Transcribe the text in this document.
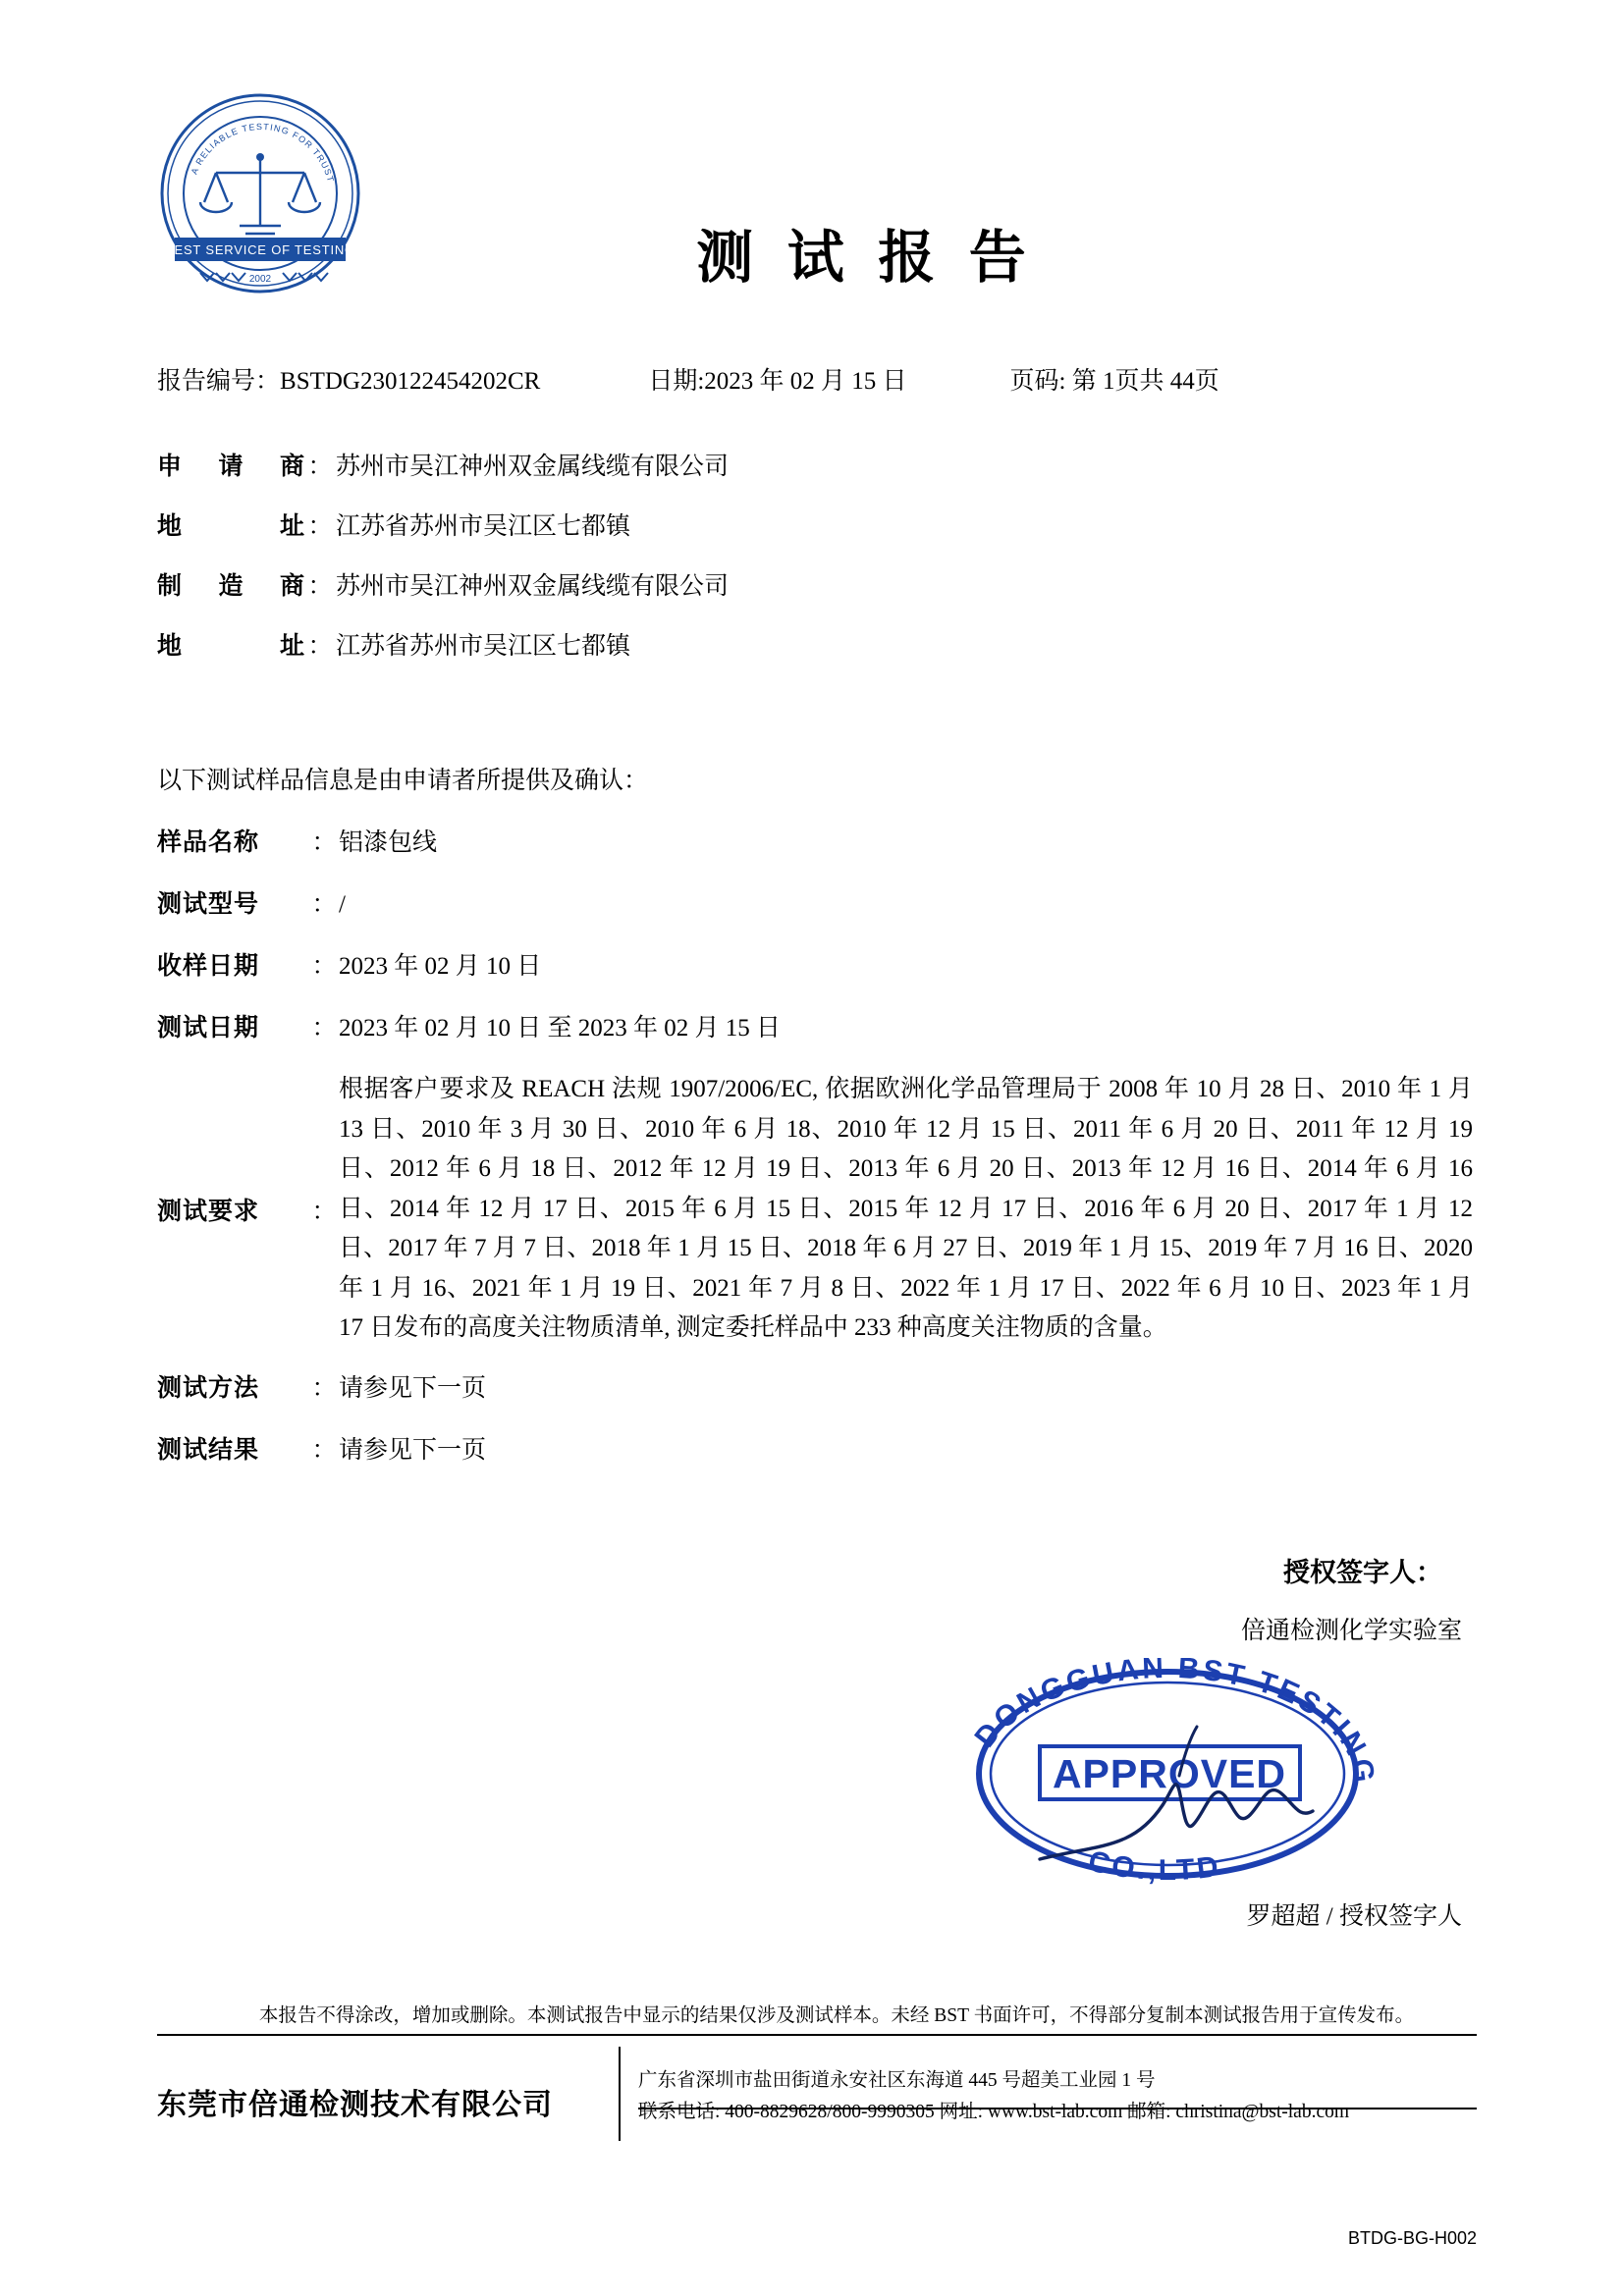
A RELIABLE TESTING FOR TRUST
BEST SERVICE OF TESTING
2002	测 试 报 告
报告编号：BSTDG230122454202CR	日期:2023 年 02 月 15 日	页码: 第 1页共 44页
申 请 商 ： 苏州市吴江神州双金属线缆有限公司
地	址 ： 江苏省苏州市吴江区七都镇
制 造 商 ： 苏州市吴江神州双金属线缆有限公司
地	址 ： 江苏省苏州市吴江区七都镇
以下测试样品信息是由申请者所提供及确认：
样品名称	： 铝漆包线
测试型号	： /
收样日期	： 2023 年 02 月 10 日
测试日期	： 2023 年 02 月 10 日 至 2023 年 02 月 15 日
测试要求	：
根据客户要求及 REACH 法规 1907/2006/EC, 依据欧洲化学品管理局于 2008 年 10 月 28 日、2010 年 1 月 13 日、2010 年 3 月 30 日、2010 年 6 月 18、2010 年 12 月 15 日、2011 年 6 月 20 日、2011 年 12 月 19 日、2012 年 6 月 18 日、2012 年 12 月 19 日、2013 年 6 月 20 日、2013 年 12 月 16 日、2014 年 6 月 16 日、2014 年 12 月 17 日、2015 年 6 月 15 日、2015 年 12 月 17 日、2016 年 6 月 20 日、2017 年 1 月 12 日、2017 年 7 月 7 日、2018 年 1 月 15 日、2018 年 6 月 27 日、2019 年 1 月 15、2019 年 7 月 16 日、2020 年 1 月 16、2021 年 1 月 19 日、2021 年 7 月 8 日、2022 年 1 月 17 日、2022 年 6 月 10 日、2023 年 1 月 17 日发布的高度关注物质清单, 测定委托样品中 233 种高度关注物质的含量。
测试方法	： 请参见下一页
测试结果	： 请参见下一页
授权签字人：
倍通检测化学实验室
DONGGUAN BST TESTING
CO.,LTD
APPROVED
罗超超 / 授权签字人
本报告不得涂改，增加或删除。本测试报告中显示的结果仅涉及测试样本。未经 BST 书面许可，不得部分复制本测试报告用于宣传发布。
东莞市倍通检测技术有限公司
广东省深圳市盐田街道永安社区东海道 445 号超美工业园 1 号
联系电话: 400-8829628/800-9990305 网址: www.bst-lab.com 邮箱: christina@bst-lab.com
BTDG-BG-H002
